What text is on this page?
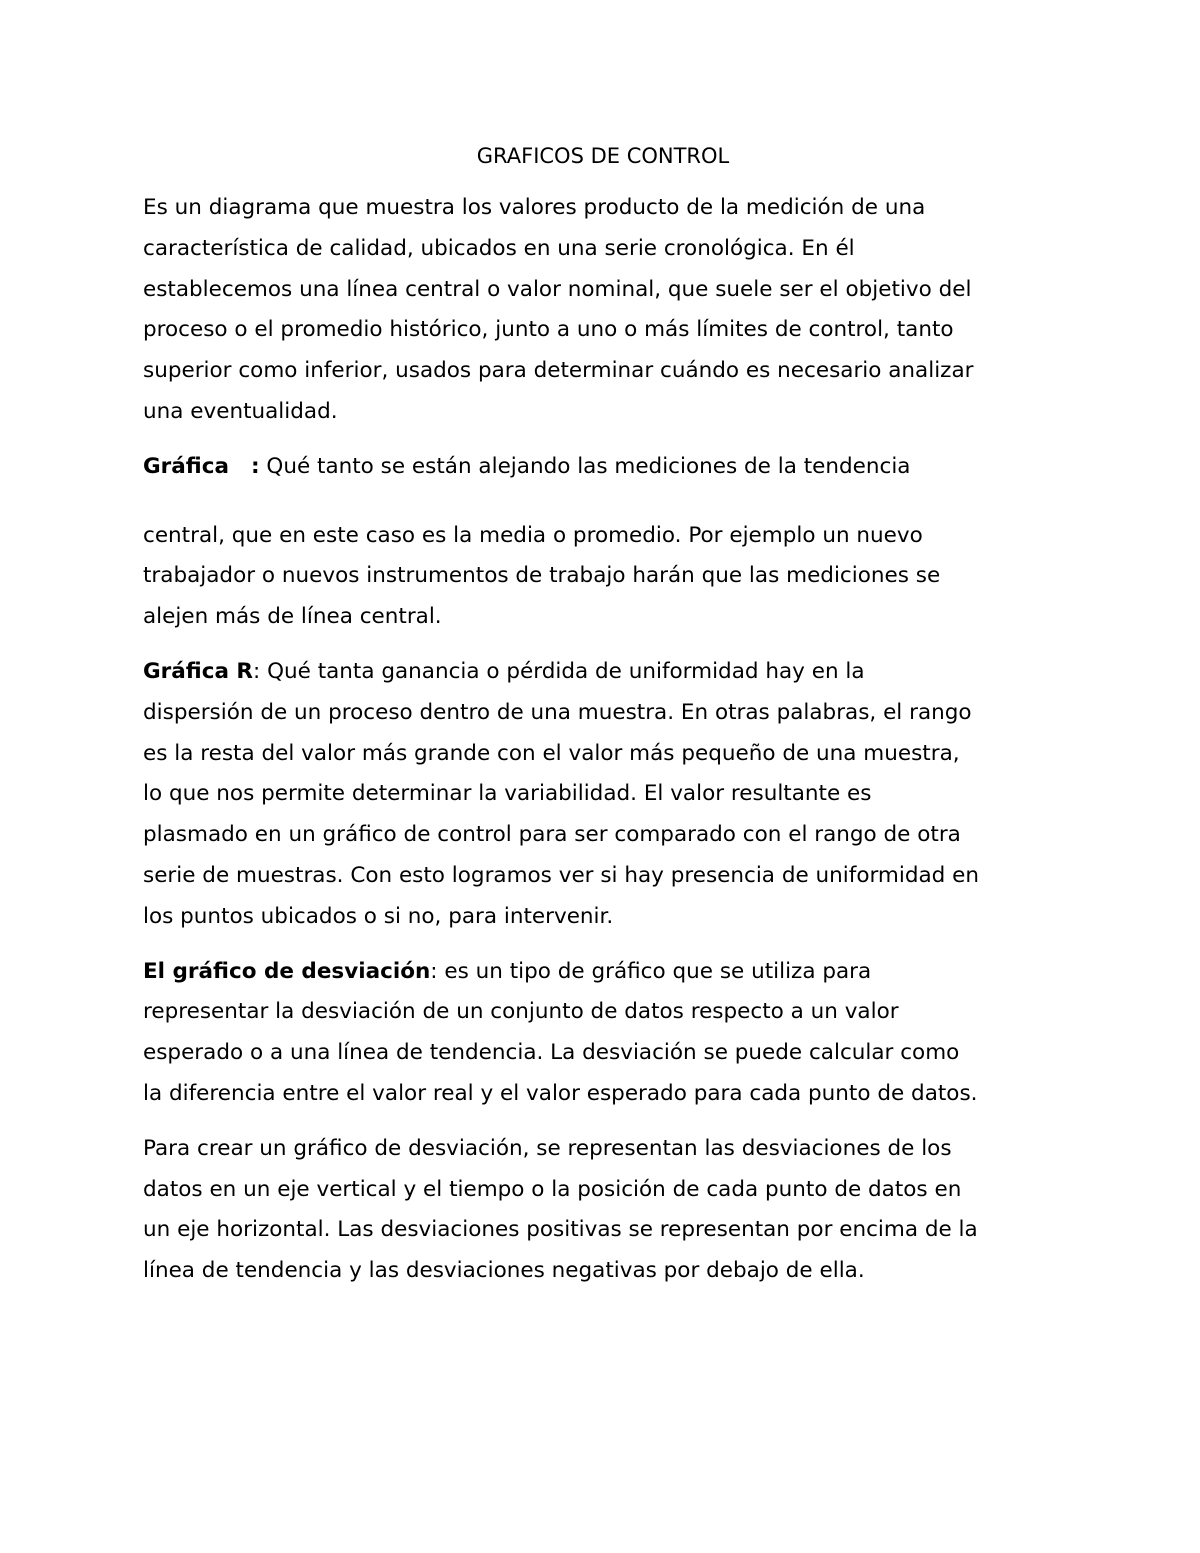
GRAFICOS DE CONTROL

Es un diagrama que muestra los valores producto de la medición de una
característica de calidad, ubicados en una serie cronológica. En él
establecemos una línea central o valor nominal, que suele ser el objetivo del
proceso o el promedio histórico, junto a uno o más límites de control, tanto
superior como inferior, usados para determinar cuándo es necesario analizar
una eventualidad.

Gráfica : Qué tanto se están alejando las mediciones de la tendencia

central, que en este caso es la media o promedio. Por ejemplo un nuevo
trabajador o nuevos instrumentos de trabajo harán que las mediciones se
alejen más de línea central.

Gráfica R: Qué tanta ganancia o pérdida de uniformidad hay en la
dispersión de un proceso dentro de una muestra. En otras palabras, el rango
es la resta del valor más grande con el valor más pequeño de una muestra,
lo que nos permite determinar la variabilidad. El valor resultante es
plasmado en un gráfico de control para ser comparado con el rango de otra
serie de muestras. Con esto logramos ver si hay presencia de uniformidad en
los puntos ubicados o si no, para intervenir.

El gráfico de desviación: es un tipo de gráfico que se utiliza para
representar la desviación de un conjunto de datos respecto a un valor
esperado o a una línea de tendencia. La desviación se puede calcular como
la diferencia entre el valor real y el valor esperado para cada punto de datos.

Para crear un gráfico de desviación, se representan las desviaciones de los
datos en un eje vertical y el tiempo o la posición de cada punto de datos en
un eje horizontal. Las desviaciones positivas se representan por encima de la
línea de tendencia y las desviaciones negativas por debajo de ella.
